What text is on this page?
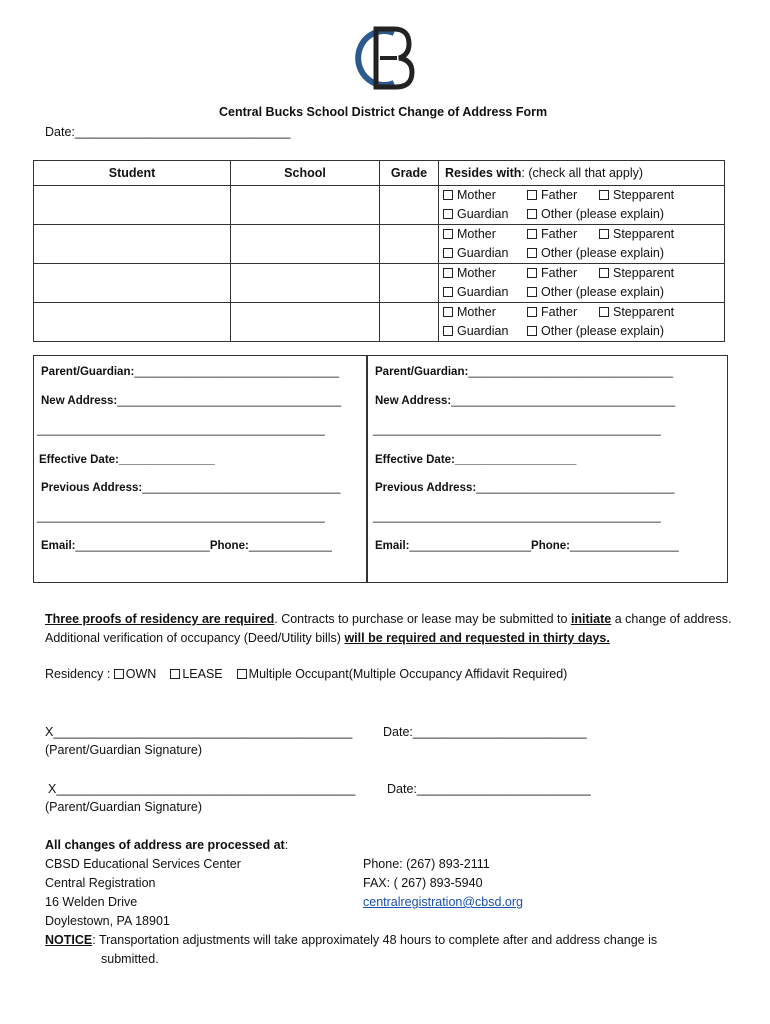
Central Bucks School District Change of Address Form
Date:_______________________________
Student	School	Grade	Resides with: (check all that apply)

			Mother Father Stepparent
Guardian Other (please explain)

			Mother Father Stepparent
Guardian Other (please explain)

			Mother Father Stepparent
Guardian Other (please explain)

			Mother Father Stepparent
Guardian Other (please explain)
Parent/Guardian:________________________________
New Address:___________________________________
_____________________________________________
Effective Date:_______________
Previous Address:_______________________________
_____________________________________________
Email:_____________________Phone:_____________
Parent/Guardian:________________________________
New Address:___________________________________
_____________________________________________
Effective Date:___________________
Previous Address:_______________________________
_____________________________________________
Email:___________________Phone:_________________
Three proofs of residency are required. Contracts to purchase or lease may be submitted to initiate a change of address. Additional verification of occupancy (Deed/Utility bills) will be required and requested in thirty days.
Residency : OWN LEASE Multiple Occupant(Multiple Occupancy Affidavit Required)
X___________________________________________ Date:_________________________
(Parent/Guardian Signature)
X___________________________________________	Date:_________________________
(Parent/Guardian Signature)
All changes of address are processed at:
CBSD Educational Services Center
Central Registration
16 Welden Drive
Doylestown, PA 18901
Phone: (267) 893-2111
FAX: ( 267) 893-5940
centralregistration@cbsd.org
NOTICE: Transportation adjustments will take approximately 48 hours to complete after and address change is
submitted.
